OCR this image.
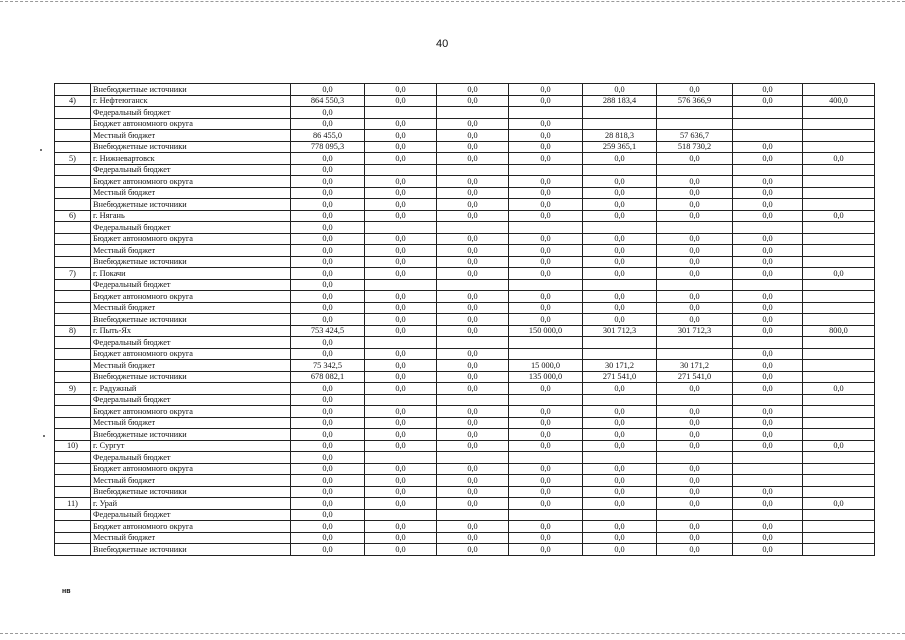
40
	Внебюджетные источники	0,0	0,0	0,0	0,0	0,0	0,0	0,0	
4)	г. Нефтеюганск	864 550,3	0,0	0,0	0,0	288 183,4	576 366,9	0,0	400,0
	Федеральный бюджет	0,0							
	Бюджет автономного округа	0,0	0,0	0,0	0,0				
	Местный бюджет	86 455,0	0,0	0,0	0,0	28 818,3	57 636,7		
	Внебюджетные источники	778 095,3	0,0	0,0	0,0	259 365,1	518 730,2	0,0	
5)	г. Нижневартовск	0,0	0,0	0,0	0,0	0,0	0,0	0,0	0,0
	Федеральный бюджет	0,0							
	Бюджет автономного округа	0,0	0,0	0,0	0,0	0,0	0,0	0,0	
	Местный бюджет	0,0	0,0	0,0	0,0	0,0	0,0	0,0	
	Внебюджетные источники	0,0	0,0	0,0	0,0	0,0	0,0	0,0	
6)	г. Нягань	0,0	0,0	0,0	0,0	0,0	0,0	0,0	0,0
	Федеральный бюджет	0,0							
	Бюджет автономного округа	0,0	0,0	0,0	0,0	0,0	0,0	0,0	
	Местный бюджет	0,0	0,0	0,0	0,0	0,0	0,0	0,0	
	Внебюджетные источники	0,0	0,0	0,0	0,0	0,0	0,0	0,0	
7)	г. Покачи	0,0	0,0	0,0	0,0	0,0	0,0	0,0	0,0
	Федеральный бюджет	0,0							
	Бюджет автономного округа	0,0	0,0	0,0	0,0	0,0	0,0	0,0	
	Местный бюджет	0,0	0,0	0,0	0,0	0,0	0,0	0,0	
	Внебюджетные источники	0,0	0,0	0,0	0,0	0,0	0,0	0,0	
8)	г. Пыть-Ях	753 424,5	0,0	0,0	150 000,0	301 712,3	301 712,3	0,0	800,0
	Федеральный бюджет	0,0							
	Бюджет автономного округа	0,0	0,0	0,0				0,0	
	Местный бюджет	75 342,5	0,0	0,0	15 000,0	30 171,2	30 171,2	0,0	
	Внебюджетные источники	678 082,1	0,0	0,0	135 000,0	271 541,0	271 541,0	0,0	
9)	г. Радужный	0,0	0,0	0,0	0,0	0,0	0,0	0,0	0,0
	Федеральный бюджет	0,0							
	Бюджет автономного округа	0,0	0,0	0,0	0,0	0,0	0,0	0,0	
	Местный бюджет	0,0	0,0	0,0	0,0	0,0	0,0	0,0	
	Внебюджетные источники	0,0	0,0	0,0	0,0	0,0	0,0	0,0	
10)	г. Сургут	0,0	0,0	0,0	0,0	0,0	0,0	0,0	0,0
	Федеральный бюджет	0,0							
	Бюджет автономного округа	0,0	0,0	0,0	0,0	0,0	0,0		
	Местный бюджет	0,0	0,0	0,0	0,0	0,0	0,0		
	Внебюджетные источники	0,0	0,0	0,0	0,0	0,0	0,0	0,0	
11)	г. Урай	0,0	0,0	0,0	0,0	0,0	0,0	0,0	0,0
	Федеральный бюджет	0,0							
	Бюджет автономного округа	0,0	0,0	0,0	0,0	0,0	0,0	0,0	
	Местный бюджет	0,0	0,0	0,0	0,0	0,0	0,0	0,0	
	Внебюджетные источники	0,0	0,0	0,0	0,0	0,0	0,0	0,0	
нв
